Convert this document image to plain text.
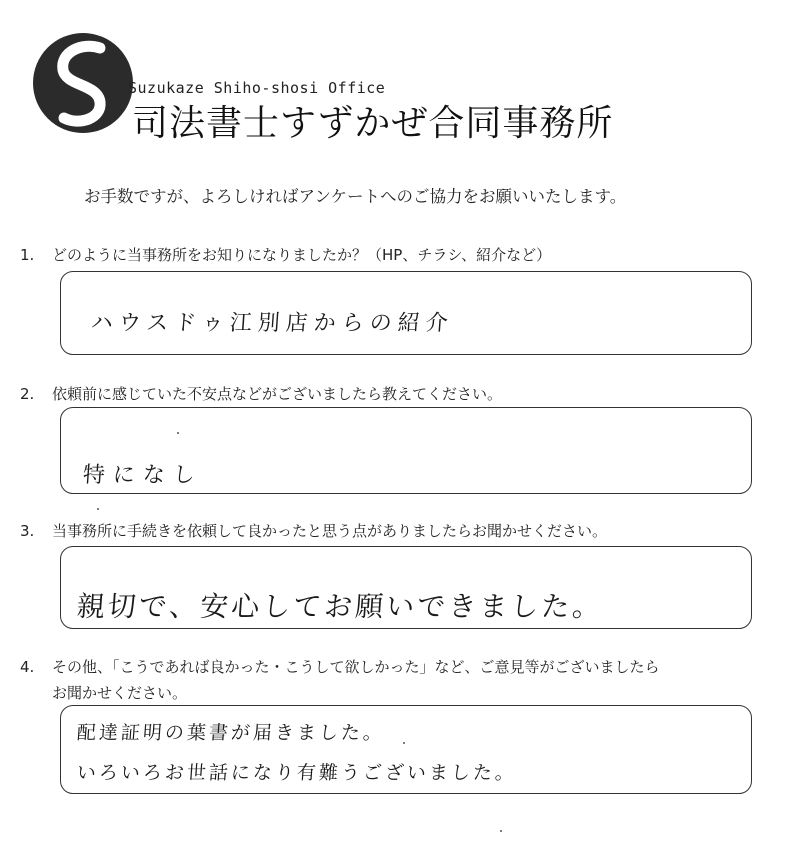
Suzukaze Shiho-shosi Office
司法書士すずかぜ合同事務所
お手数ですが、よろしければアンケートへのご協力をお願いいたします。
1. どのように当事務所をお知りになりましたか？（HP、チラシ、紹介など）
ハウスドゥ江別店からの紹介
2. 依頼前に感じていた不安点などがございましたら教えてください。
特になし
3. 当事務所に手続きを依頼して良かったと思う点がありましたらお聞かせください。
親切で、安心してお願いできました。
4. その他、「こうであれば良かった・こうして欲しかった」など、ご意見等がございましたら
お聞かせください。
配達証明の葉書が届きました。
いろいろお世話になり有難うございました。
